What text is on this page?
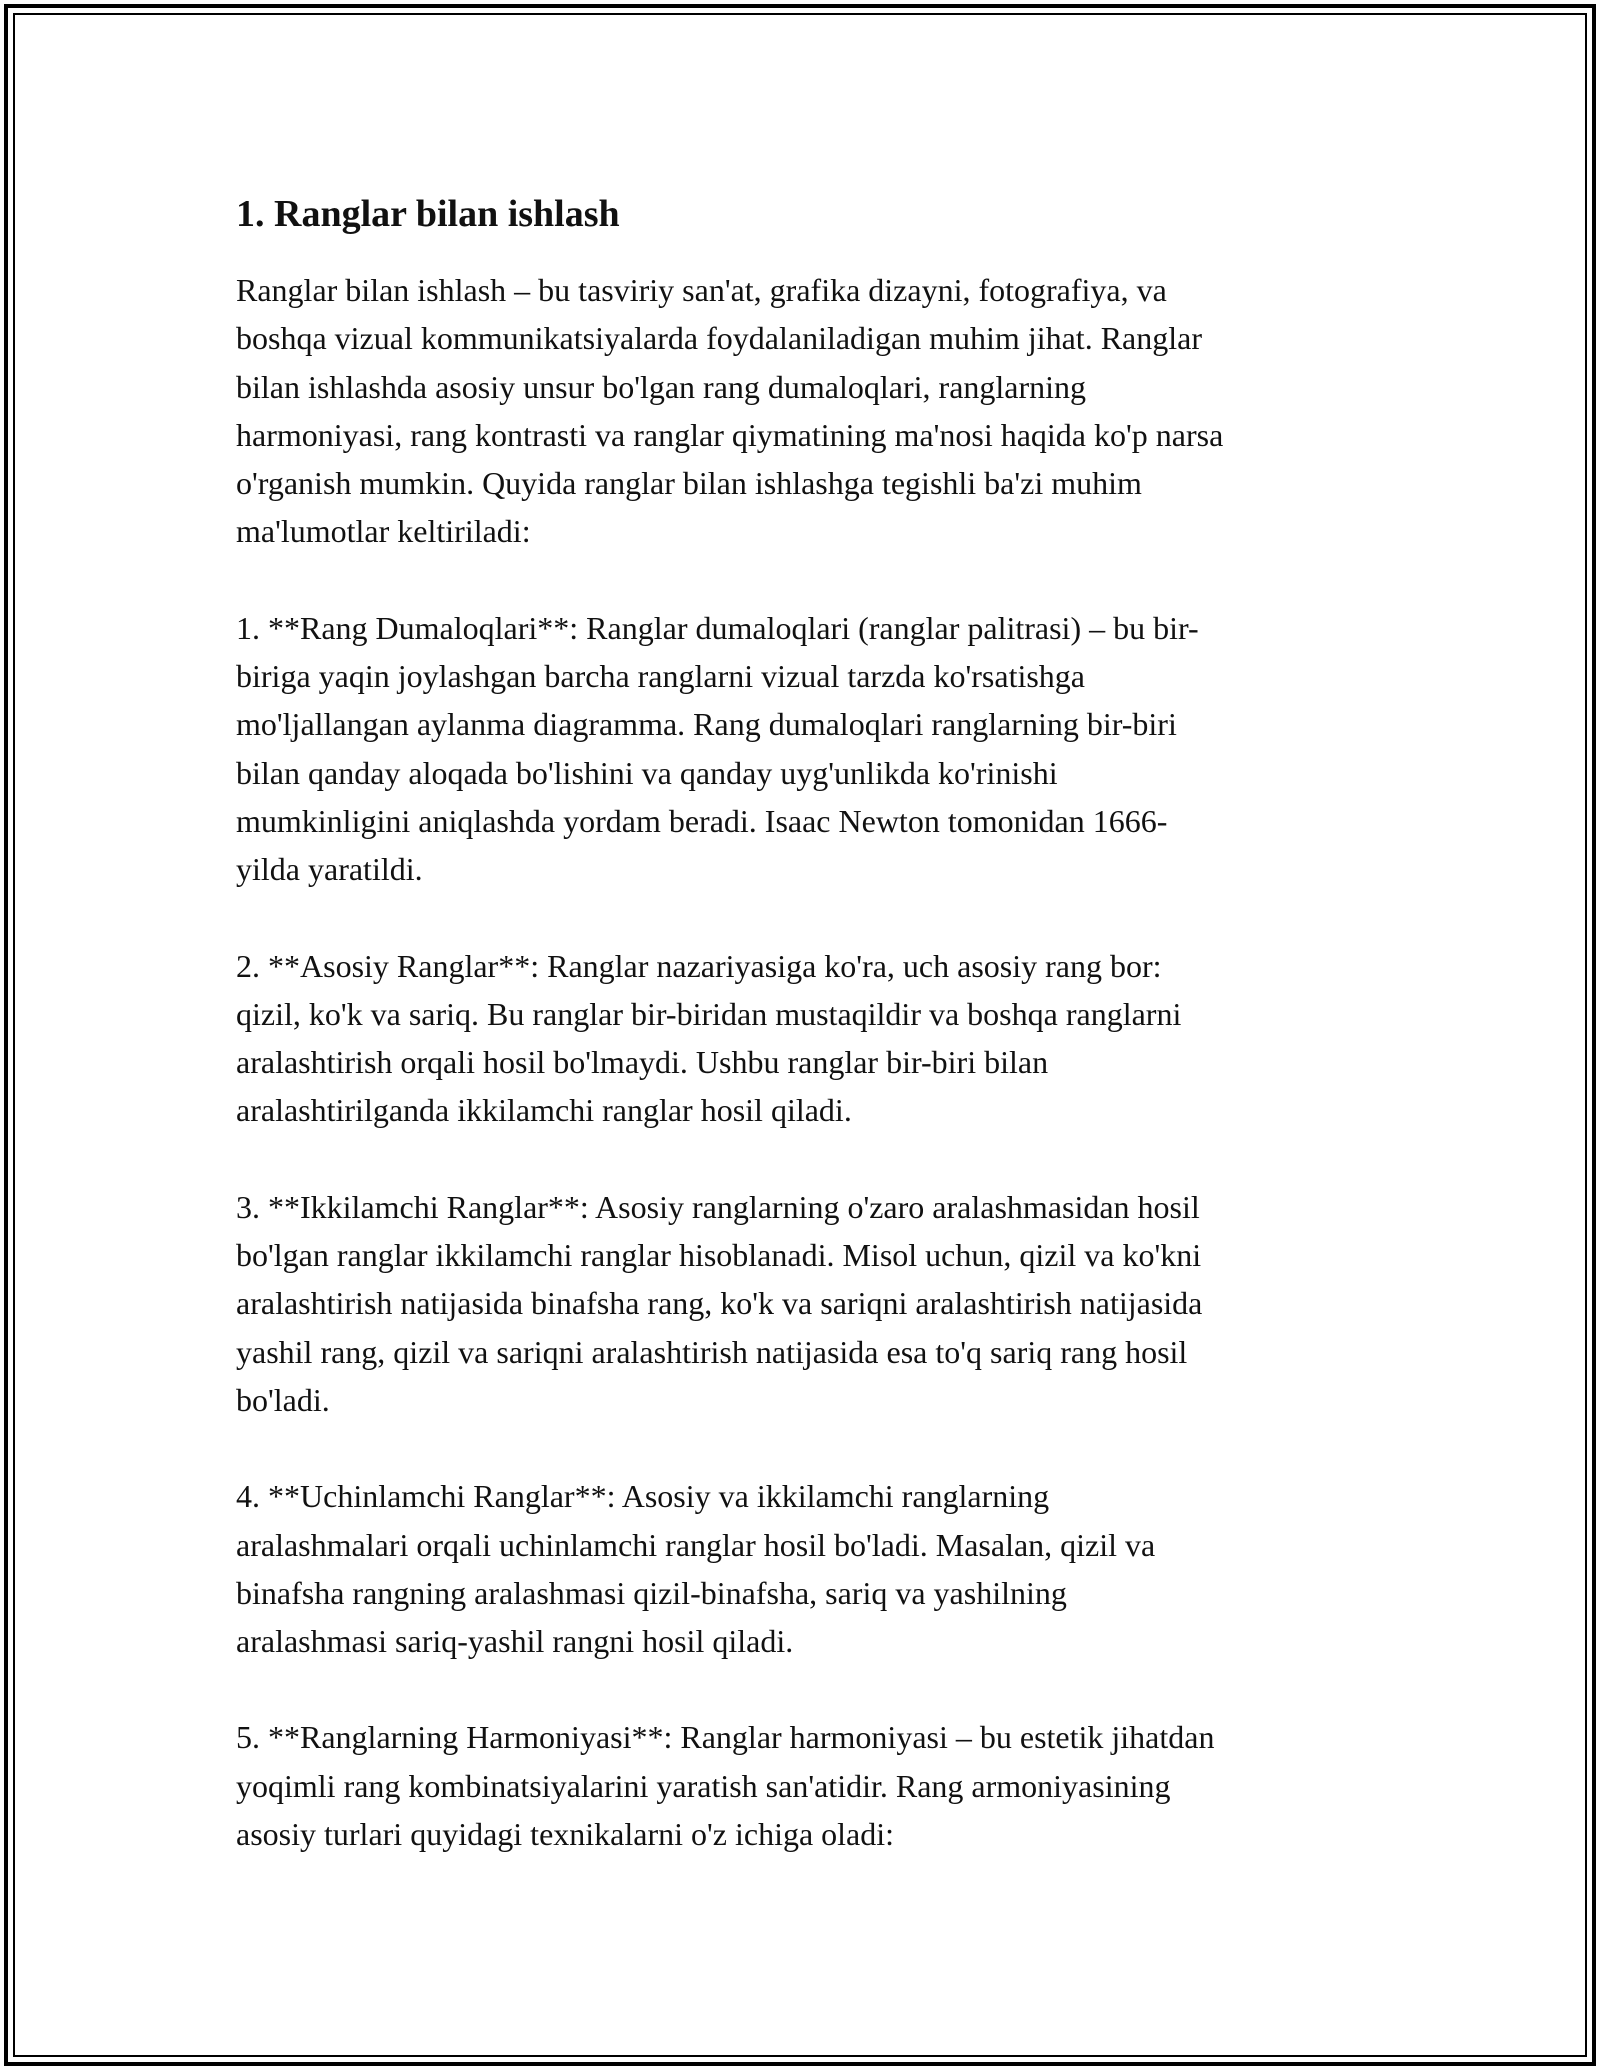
1. Ranglar bilan ishlash

Ranglar bilan ishlash – bu tasviriy san'at, grafika dizayni, fotografiya, va
boshqa vizual kommunikatsiyalarda foydalaniladigan muhim jihat. Ranglar
bilan ishlashda asosiy unsur bo'lgan rang dumaloqlari, ranglarning
harmoniyasi, rang kontrasti va ranglar qiymatining ma'nosi haqida ko'p narsa
o'rganish mumkin. Quyida ranglar bilan ishlashga tegishli ba'zi muhim
ma'lumotlar keltiriladi:

1. **Rang Dumaloqlari**: Ranglar dumaloqlari (ranglar palitrasi) – bu bir-
biriga yaqin joylashgan barcha ranglarni vizual tarzda ko'rsatishga
mo'ljallangan aylanma diagramma. Rang dumaloqlari ranglarning bir-biri
bilan qanday aloqada bo'lishini va qanday uyg'unlikda ko'rinishi
mumkinligini aniqlashda yordam beradi. Isaac Newton tomonidan 1666-
yilda yaratildi.

2. **Asosiy Ranglar**: Ranglar nazariyasiga ko'ra, uch asosiy rang bor:
qizil, ko'k va sariq. Bu ranglar bir-biridan mustaqildir va boshqa ranglarni
aralashtirish orqali hosil bo'lmaydi. Ushbu ranglar bir-biri bilan
aralashtirilganda ikkilamchi ranglar hosil qiladi.

3. **Ikkilamchi Ranglar**: Asosiy ranglarning o'zaro aralashmasidan hosil
bo'lgan ranglar ikkilamchi ranglar hisoblanadi. Misol uchun, qizil va ko'kni
aralashtirish natijasida binafsha rang, ko'k va sariqni aralashtirish natijasida
yashil rang, qizil va sariqni aralashtirish natijasida esa to'q sariq rang hosil
bo'ladi.

4. **Uchinlamchi Ranglar**: Asosiy va ikkilamchi ranglarning
aralashmalari orqali uchinlamchi ranglar hosil bo'ladi. Masalan, qizil va
binafsha rangning aralashmasi qizil-binafsha, sariq va yashilning
aralashmasi sariq-yashil rangni hosil qiladi.

5. **Ranglarning Harmoniyasi**: Ranglar harmoniyasi – bu estetik jihatdan
yoqimli rang kombinatsiyalarini yaratish san'atidir. Rang armoniyasining
asosiy turlari quyidagi texnikalarni o'z ichiga oladi:
